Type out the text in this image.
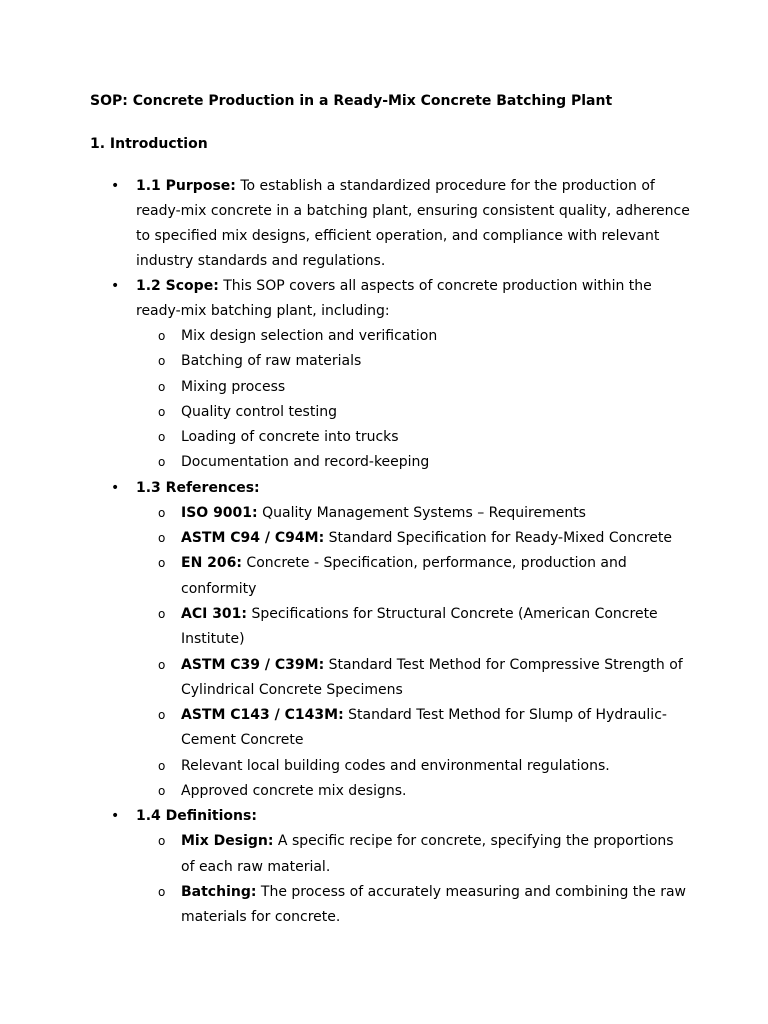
SOP: Concrete Production in a Ready-Mix Concrete Batching Plant

1. Introduction

• 1.1 Purpose: To establish a standardized procedure for the production of ready-mix concrete in a batching plant, ensuring consistent quality, adherence to specified mix designs, efficient operation, and compliance with relevant industry standards and regulations.
• 1.2 Scope: This SOP covers all aspects of concrete production within the ready-mix batching plant, including:
o Mix design selection and verification
o Batching of raw materials
o Mixing process
o Quality control testing
o Loading of concrete into trucks
o Documentation and record-keeping
• 1.3 References:
o ISO 9001: Quality Management Systems – Requirements
o ASTM C94 / C94M: Standard Specification for Ready-Mixed Concrete
o EN 206: Concrete - Specification, performance, production and conformity
o ACI 301: Specifications for Structural Concrete (American Concrete Institute)
o ASTM C39 / C39M: Standard Test Method for Compressive Strength of Cylindrical Concrete Specimens
o ASTM C143 / C143M: Standard Test Method for Slump of Hydraulic-Cement Concrete
o Relevant local building codes and environmental regulations.
o Approved concrete mix designs.
• 1.4 Definitions:
o Mix Design: A specific recipe for concrete, specifying the proportions of each raw material.
o Batching: The process of accurately measuring and combining the raw materials for concrete.
